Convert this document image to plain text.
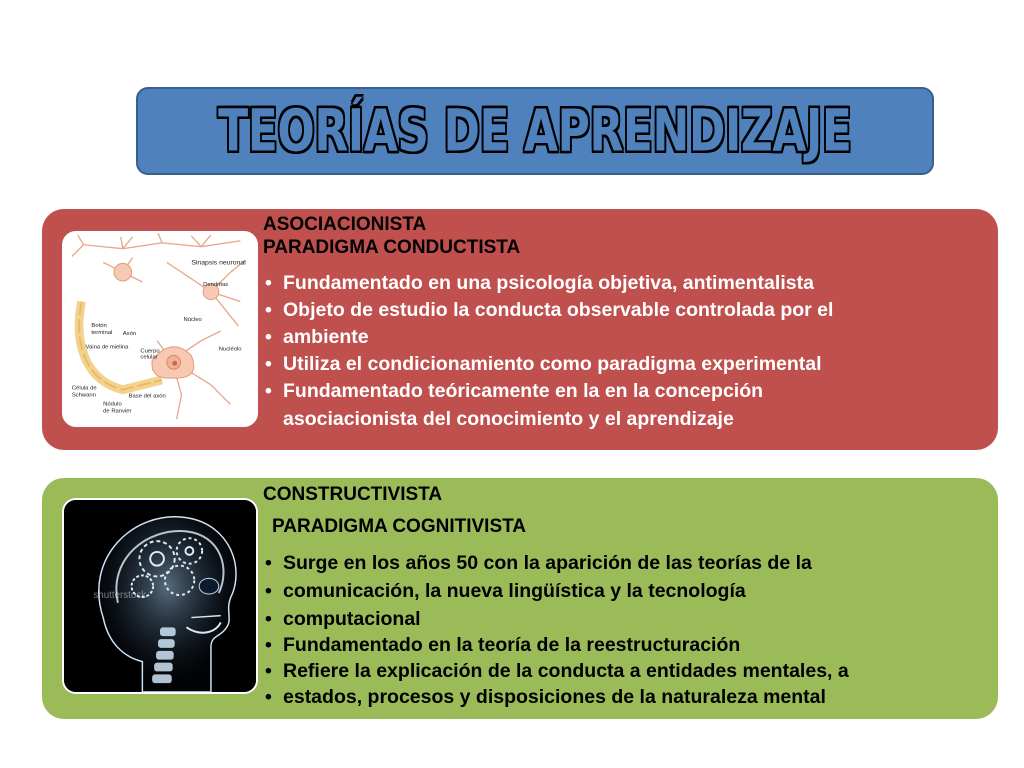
TEORÍAS DE APRENDIZAJE
Sinapsis neuronal
Dendritas
Botón
terminal Axón
Núcleo
Vaina de mielina
Cuerpo
celular
Nucléolo
Célula de
Schwann	Base del axón
Nódulo
de Ranvier
ASOCIACIONISTA
PARADIGMA CONDUCTISTA
• Fundamentado en una psicología objetiva, antimentalista
• Objeto de estudio la conducta observable controlada por el
• ambiente
• Utiliza el condicionamiento como paradigma experimental
• Fundamentado teóricamente en la en la concepción
asociacionista del conocimiento y el aprendizaje
shutterstock
CONSTRUCTIVISTA
PARADIGMA COGNITIVISTA
• Surge en los años 50 con la aparición de las teorías de la
• comunicación, la nueva lingüística y la tecnología
• computacional
• Fundamentado en la teoría de la reestructuración
• Refiere la explicación de la conducta a entidades mentales, a
• estados, procesos y disposiciones de la naturaleza mental
